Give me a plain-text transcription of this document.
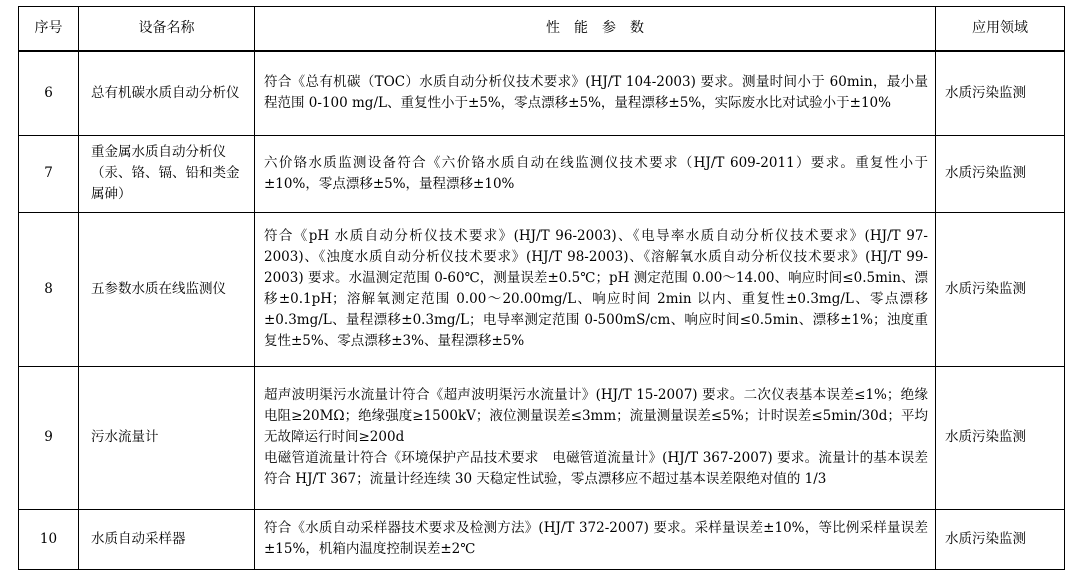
序号	设备名称	性　能　参　数	应用领域
6	总有机碳水质自动分析仪	符合《总有机碳（TOC）水质自动分析仪技术要求》(HJ/T 104-2003) 要求。测量时间小于 60min，最小量程范围 0-100 mg/L、重复性小于±5%，零点漂移±5%，量程漂移±5%，实际废水比对试验小于±10%	水质污染监测
7	重金属水质自动分析仪（汞、铬、镉、铅和类金属砷）	六价铬水质监测设备符合《六价铬水质自动在线监测仪技术要求（HJ/T 609-2011）要求。重复性小于±10%，零点漂移±5%，量程漂移±10%	水质污染监测
8	五参数水质在线监测仪	符合《pH 水质自动分析仪技术要求》(HJ/T 96-2003)、《电导率水质自动分析仪技术要求》(HJ/T 97-2003)、《浊度水质自动分析仪技术要求》(HJ/T 98-2003)、《溶解氧水质自动分析仪技术要求》(HJ/T 99-2003) 要求。水温测定范围 0-60℃，测量误差±0.5℃；pH 测定范围 0.00～14.00、响应时间≤0.5min、漂移±0.1pH；溶解氧测定范围 0.00～20.00mg/L、响应时间 2min 以内、重复性±0.3mg/L、零点漂移±0.3mg/L、量程漂移±0.3mg/L；电导率测定范围 0-500mS/cm、响应时间≤0.5min、漂移±1%；浊度重复性±5%、零点漂移±3%、量程漂移±5%	水质污染监测
9	污水流量计	超声波明渠污水流量计符合《超声波明渠污水流量计》(HJ/T 15-2007) 要求。二次仪表基本误差≤1%；绝缘电阻≥20MΩ；绝缘强度≥1500kV；液位测量误差≤3mm；流量测量误差≤5%；计时误差≤5min/30d；平均无故障运行时间≥200d
电磁管道流量计符合《环境保护产品技术要求　电磁管道流量计》(HJ/T 367-2007) 要求。流量计的基本误差符合 HJ/T 367；流量计经连续 30 天稳定性试验，零点漂移应不超过基本误差限绝对值的 1/3	水质污染监测
10	水质自动采样器	符合《水质自动采样器技术要求及检测方法》(HJ/T 372-2007) 要求。采样量误差±10%，等比例采样量误差±15%，机箱内温度控制误差±2℃	水质污染监测
